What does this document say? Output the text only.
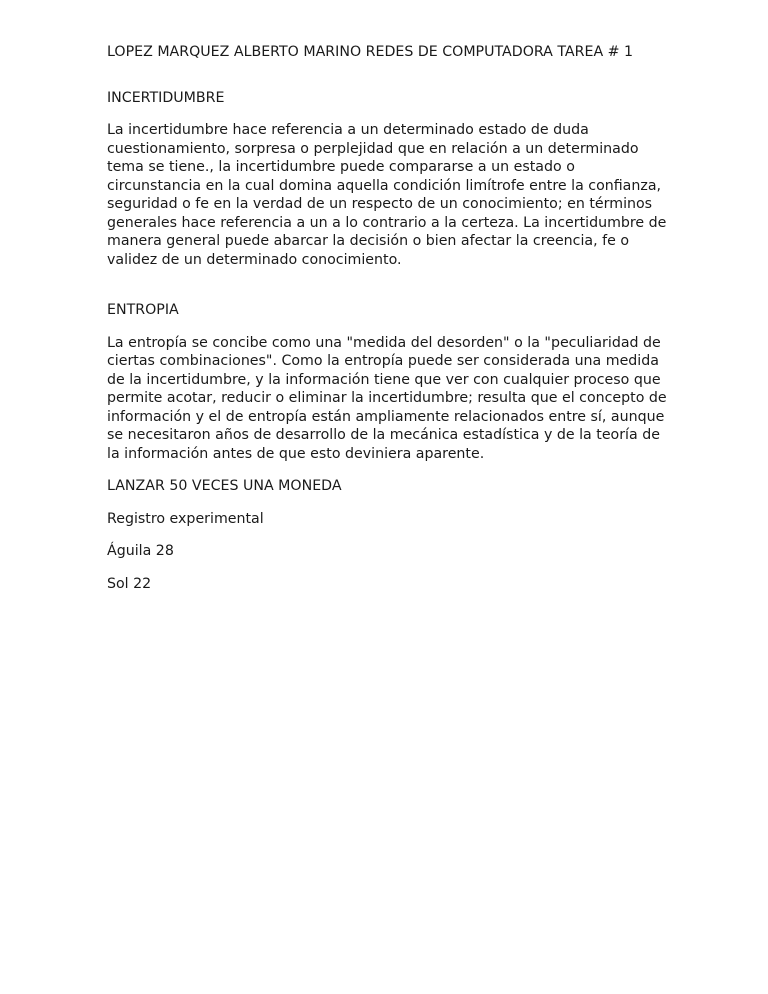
LOPEZ MARQUEZ ALBERTO MARINO REDES DE COMPUTADORA TAREA # 1

INCERTIDUMBRE

La incertidumbre hace referencia a un determinado estado de duda cuestionamiento, sorpresa o perplejidad que en relación a un determinado tema se tiene., la incertidumbre puede compararse a un estado o circunstancia en la cual domina aquella condición limítrofe entre la confianza, seguridad o fe en la verdad de un respecto de un conocimiento; en términos generales hace referencia a un a lo contrario a la certeza. La incertidumbre de manera general puede abarcar la decisión o bien afectar la creencia, fe o validez de un determinado conocimiento.

ENTROPIA

La entropía se concibe como una "medida del desorden" o la "peculiaridad de ciertas combinaciones". Como la entropía puede ser considerada una medida de la incertidumbre, y la información tiene que ver con cualquier proceso que permite acotar, reducir o eliminar la incertidumbre; resulta que el concepto de información y el de entropía están ampliamente relacionados entre sí, aunque se necesitaron años de desarrollo de la mecánica estadística y de la teoría de la información antes de que esto deviniera aparente.

LANZAR 50 VECES UNA MONEDA

Registro experimental

Águila 28

Sol 22
